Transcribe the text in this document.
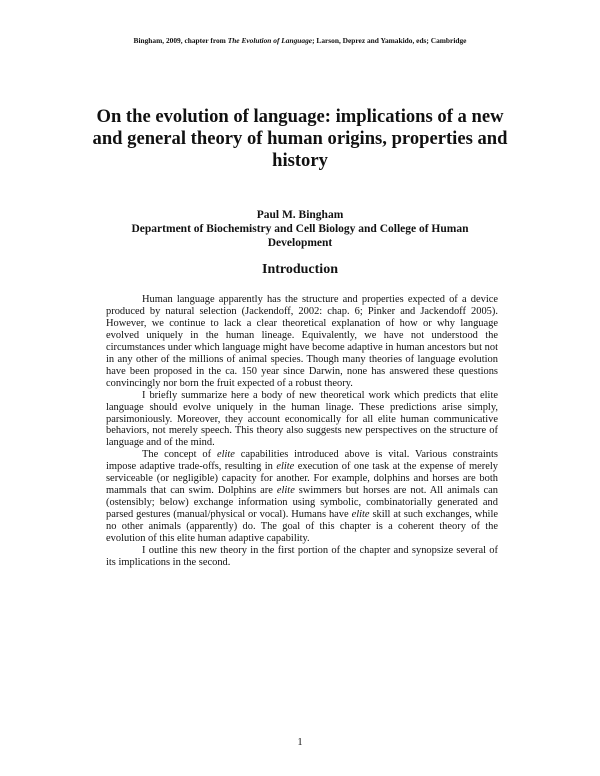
Bingham, 2009, chapter from The Evolution of Language; Larson, Deprez and Yamakido, eds; Cambridge
On the evolution of language: implications of a new and general theory of human origins, properties and history
Paul M. Bingham
Department of Biochemistry and Cell Biology and College of Human Development
Introduction

Human language apparently has the structure and properties expected of a device produced by natural selection (Jackendoff, 2002: chap. 6; Pinker and Jackendoff 2005). However, we continue to lack a clear theoretical explanation of how or why language evolved uniquely in the human lineage. Equivalently, we have not understood the circumstances under which language might have become adaptive in human ancestors but not in any other of the millions of animal species. Though many theories of language evolution have been proposed in the ca. 150 year since Darwin, none has answered these questions convincingly nor born the fruit expected of a robust theory.

I briefly summarize here a body of new theoretical work which predicts that elite language should evolve uniquely in the human linage. These predictions arise simply, parsimoniously. Moreover, they account economically for all elite human communicative behaviors, not merely speech. This theory also suggests new perspectives on the structure of language and of the mind.

The concept of elite capabilities introduced above is vital. Various constraints impose adaptive trade-offs, resulting in elite execution of one task at the expense of merely serviceable (or negligible) capacity for another. For example, dolphins and horses are both mammals that can swim. Dolphins are elite swimmers but horses are not. All animals can (ostensibly; below) exchange information using symbolic, combinatorially generated and parsed gestures (manual/physical or vocal). Humans have elite skill at such exchanges, while no other animals (apparently) do. The goal of this chapter is a coherent theory of the evolution of this elite human adaptive capability.

I outline this new theory in the first portion of the chapter and synopsize several of its implications in the second.

1
